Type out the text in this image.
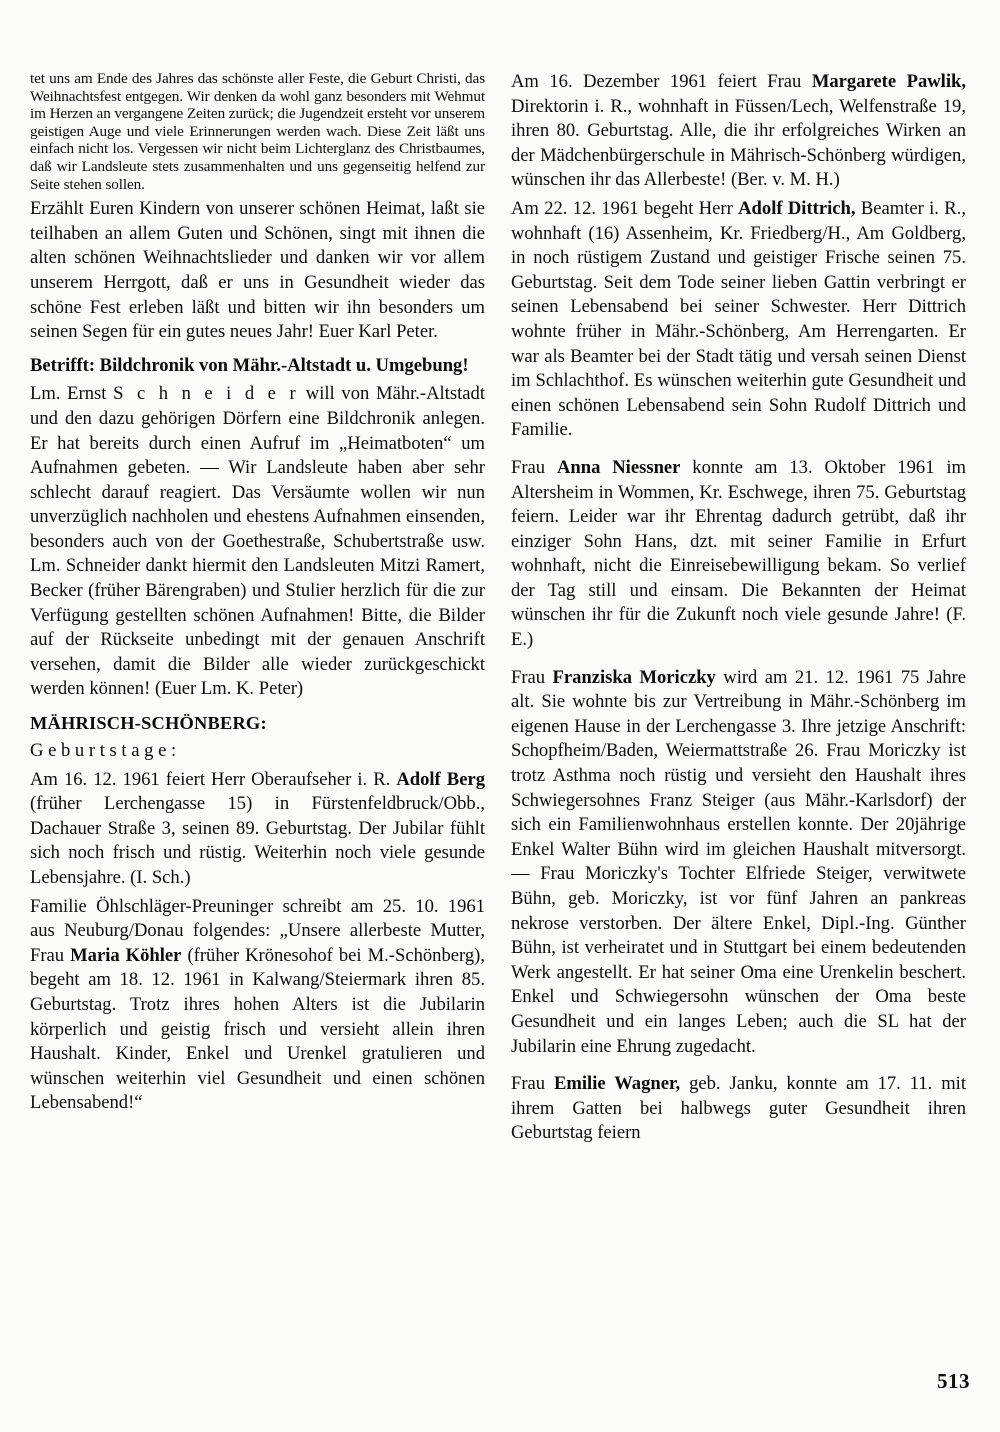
tet uns am Ende des Jahres das schönste aller Feste, die Geburt Christi, das Weihnachtsfest entgegen. Wir denken da wohl ganz besonders mit Wehmut im Herzen an vergangene Zeiten zurück; die Jugendzeit ersteht vor unserem geistigen Auge und viele Erinnerungen werden wach. Diese Zeit läßt uns einfach nicht los. Vergessen wir nicht beim Lichterglanz des Christbaumes, daß wir Landsleute stets zusammenhalten und uns gegenseitig helfend zur Seite stehen sollen.

Erzählt Euren Kindern von unserer schönen Heimat, laßt sie teilhaben an allem Guten und Schönen, singt mit ihnen die alten schönen Weihnachtslieder und danken wir vor allem unserem Herrgott, daß er uns in Gesundheit wieder das schöne Fest erleben läßt und bitten wir ihn besonders um seinen Segen für ein gutes neues Jahr! Euer Karl Peter.

Betrifft: Bildchronik von Mähr.-Altstadt u. Umgebung!

Lm. Ernst S c h n e i d e r will von Mähr.-Altstadt und den dazu gehörigen Dörfern eine Bildchronik anlegen. Er hat bereits durch einen Aufruf im „Heimatboten“ um Aufnahmen gebeten. — Wir Landsleute haben aber sehr schlecht darauf reagiert. Das Versäumte wollen wir nun unverzüglich nachholen und ehestens Aufnahmen einsenden, besonders auch von der Goethestraße, Schubertstraße usw. Lm. Schneider dankt hiermit den Landsleuten Mitzi Ramert, Becker (früher Bärengraben) und Stulier herzlich für die zur Verfügung gestellten schönen Aufnahmen! Bitte, die Bilder auf der Rückseite unbedingt mit der genauen Anschrift versehen, damit die Bilder alle wieder zurückgeschickt werden können! (Euer Lm. K. Peter)

MÄHRISCH-SCHÖNBERG:

G e b u r t s t a g e :

Am 16. 12. 1961 feiert Herr Oberaufseher i. R. Adolf Berg (früher Lerchengasse 15) in Fürstenfeldbruck/Obb., Dachauer Straße 3, seinen 89. Geburtstag. Der Jubilar fühlt sich noch frisch und rüstig. Weiterhin noch viele gesunde Lebensjahre. (I. Sch.)

Familie Öhlschläger-Preuninger schreibt am 25. 10. 1961 aus Neuburg/Donau folgendes: „Unsere allerbeste Mutter, Frau Maria Köhler (früher Krönesohof bei M.-Schönberg), begeht am 18. 12. 1961 in Kalwang/Steiermark ihren 85. Geburtstag. Trotz ihres hohen Alters ist die Jubilarin körperlich und geistig frisch und versieht allein ihren Haushalt. Kinder, Enkel und Urenkel gratulieren und wünschen weiterhin viel Gesundheit und einen schönen Lebensabend!“

Am 16. Dezember 1961 feiert Frau Margarete Pawlik, Direktorin i. R., wohnhaft in Füssen/Lech, Welfenstraße 19, ihren 80. Geburtstag. Alle, die ihr erfolgreiches Wirken an der Mädchenbürgerschule in Mährisch-Schönberg würdigen, wünschen ihr das Allerbeste! (Ber. v. M. H.)

Am 22. 12. 1961 begeht Herr Adolf Dittrich, Beamter i. R., wohnhaft (16) Assenheim, Kr. Friedberg/H., Am Goldberg, in noch rüstigem Zustand und geistiger Frische seinen 75. Geburtstag. Seit dem Tode seiner lieben Gattin verbringt er seinen Lebensabend bei seiner Schwester. Herr Dittrich wohnte früher in Mähr.-Schönberg, Am Herrengarten. Er war als Beamter bei der Stadt tätig und versah seinen Dienst im Schlachthof. Es wünschen weiterhin gute Gesundheit und einen schönen Lebensabend sein Sohn Rudolf Dittrich und Familie.

Frau Anna Niessner konnte am 13. Oktober 1961 im Altersheim in Wommen, Kr. Eschwege, ihren 75. Geburtstag feiern. Leider war ihr Ehrentag dadurch getrübt, daß ihr einziger Sohn Hans, dzt. mit seiner Familie in Erfurt wohnhaft, nicht die Einreisebewilligung bekam. So verlief der Tag still und einsam. Die Bekannten der Heimat wünschen ihr für die Zukunft noch viele gesunde Jahre! (F. E.)

Frau Franziska Moriczky wird am 21. 12. 1961 75 Jahre alt. Sie wohnte bis zur Vertreibung in Mähr.-Schönberg im eigenen Hause in der Lerchengasse 3. Ihre jetzige Anschrift: Schopfheim/Baden, Weiermattstraße 26. Frau Moriczky ist trotz Asthma noch rüstig und versieht den Haushalt ihres Schwiegersohnes Franz Steiger (aus Mähr.-Karlsdorf) der sich ein Familienwohnhaus erstellen konnte. Der 20jährige Enkel Walter Bühn wird im gleichen Haushalt mitversorgt. — Frau Moriczky's Tochter Elfriede Steiger, verwitwete Bühn, geb. Moriczky, ist vor fünf Jahren an pankreas nekrose verstorben. Der ältere Enkel, Dipl.-Ing. Günther Bühn, ist verheiratet und in Stuttgart bei einem bedeutenden Werk angestellt. Er hat seiner Oma eine Urenkelin beschert. Enkel und Schwiegersohn wünschen der Oma beste Gesundheit und ein langes Leben; auch die SL hat der Jubilarin eine Ehrung zugedacht.

Frau Emilie Wagner, geb. Janku, konnte am 17. 11. mit ihrem Gatten bei halbwegs guter Gesundheit ihren Geburtstag feiern

513
